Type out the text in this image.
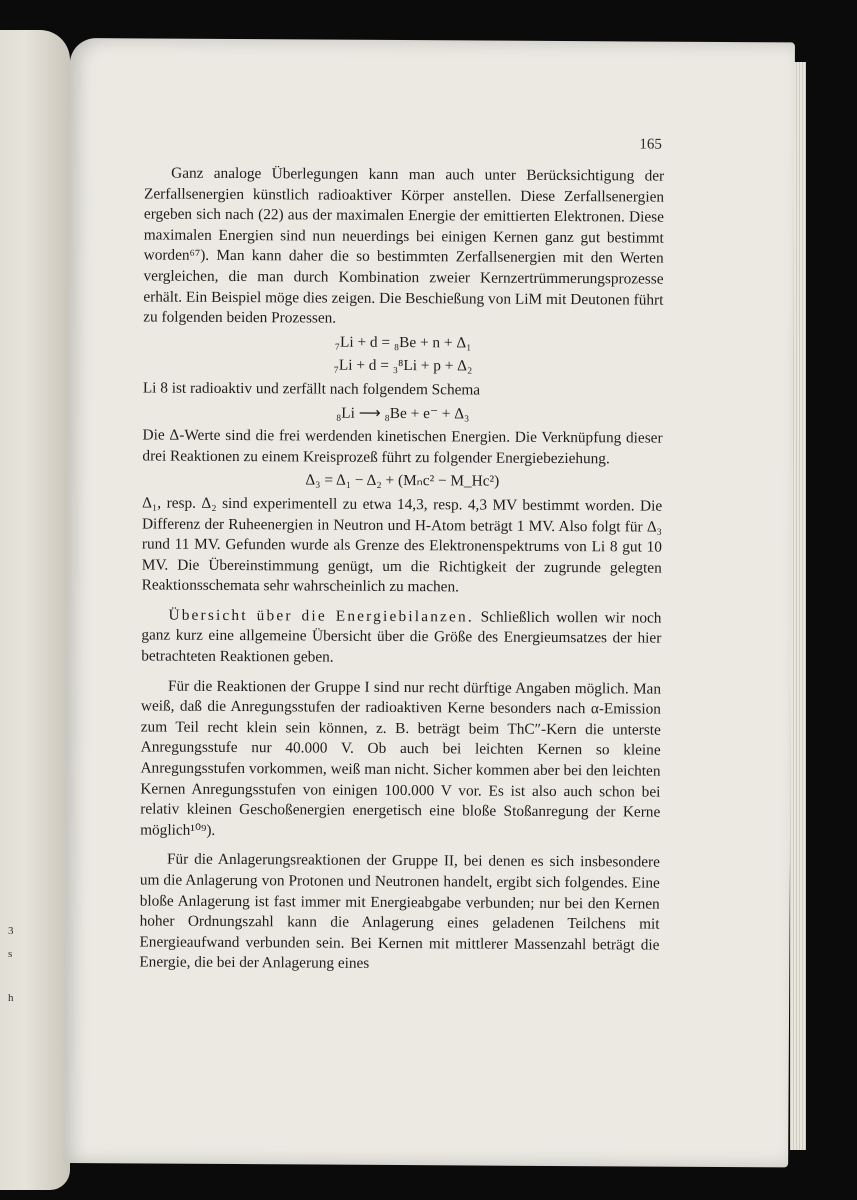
3
s
h
165

Ganz analoge Überlegungen kann man auch unter Berücksichtigung der Zerfallsenergien künstlich radioaktiver Körper anstellen. Diese Zerfallsenergien ergeben sich nach (22) aus der maximalen Energie der emittierten Elektronen. Diese maximalen Energien sind nun neuerdings bei einigen Kernen ganz gut bestimmt worden⁶⁷). Man kann daher die so bestimmten Zerfallsenergien mit den Werten vergleichen, die man durch Kombination zweier Kernzertrümmerungsprozesse erhält. Ein Beispiel möge dies zeigen. Die Beschießung von LiM mit Deutonen führt zu folgenden beiden Prozessen.

₇Li + d = ₈Be + n + Δ₁
₇Li + d = ₃⁸Li + p + Δ₂

Li 8 ist radioaktiv und zerfällt nach folgendem Schema

₈Li ⟶ ₈Be + e⁻ + Δ₃

Die Δ-Werte sind die frei werdenden kinetischen Energien. Die Verknüpfung dieser drei Reaktionen zu einem Kreisprozeß führt zu folgender Energiebeziehung.

Δ₃ = Δ₁ − Δ₂ + (Mₙc² − M_Hc²)

Δ₁, resp. Δ₂ sind experimentell zu etwa 14,3, resp. 4,3 MV bestimmt worden. Die Differenz der Ruheenergien in Neutron und H-Atom beträgt 1 MV. Also folgt für Δ₃ rund 11 MV. Gefunden wurde als Grenze des Elektronenspektrums von Li 8 gut 10 MV. Die Übereinstimmung genügt, um die Richtigkeit der zugrunde gelegten Reaktionsschemata sehr wahrscheinlich zu machen.

Übersicht über die Energiebilanzen. Schließlich wollen wir noch ganz kurz eine allgemeine Übersicht über die Größe des Energieumsatzes der hier betrachteten Reaktionen geben.

Für die Reaktionen der Gruppe I sind nur recht dürftige Angaben möglich. Man weiß, daß die Anregungsstufen der radioaktiven Kerne besonders nach α-Emission zum Teil recht klein sein können, z. B. beträgt beim ThC″-Kern die unterste Anregungsstufe nur 40.000 V. Ob auch bei leichten Kernen so kleine Anregungsstufen vorkommen, weiß man nicht. Sicher kommen aber bei den leichten Kernen Anregungsstufen von einigen 100.000 V vor. Es ist also auch schon bei relativ kleinen Geschoßenergien energetisch eine bloße Stoßanregung der Kerne möglich¹⁰⁹).

Für die Anlagerungsreaktionen der Gruppe II, bei denen es sich insbesondere um die Anlagerung von Protonen und Neutronen handelt, ergibt sich folgendes. Eine bloße Anlagerung ist fast immer mit Energieabgabe verbunden; nur bei den Kernen hoher Ordnungszahl kann die Anlagerung eines geladenen Teilchens mit Energieaufwand verbunden sein. Bei Kernen mit mittlerer Massenzahl beträgt die Energie, die bei der Anlagerung eines
